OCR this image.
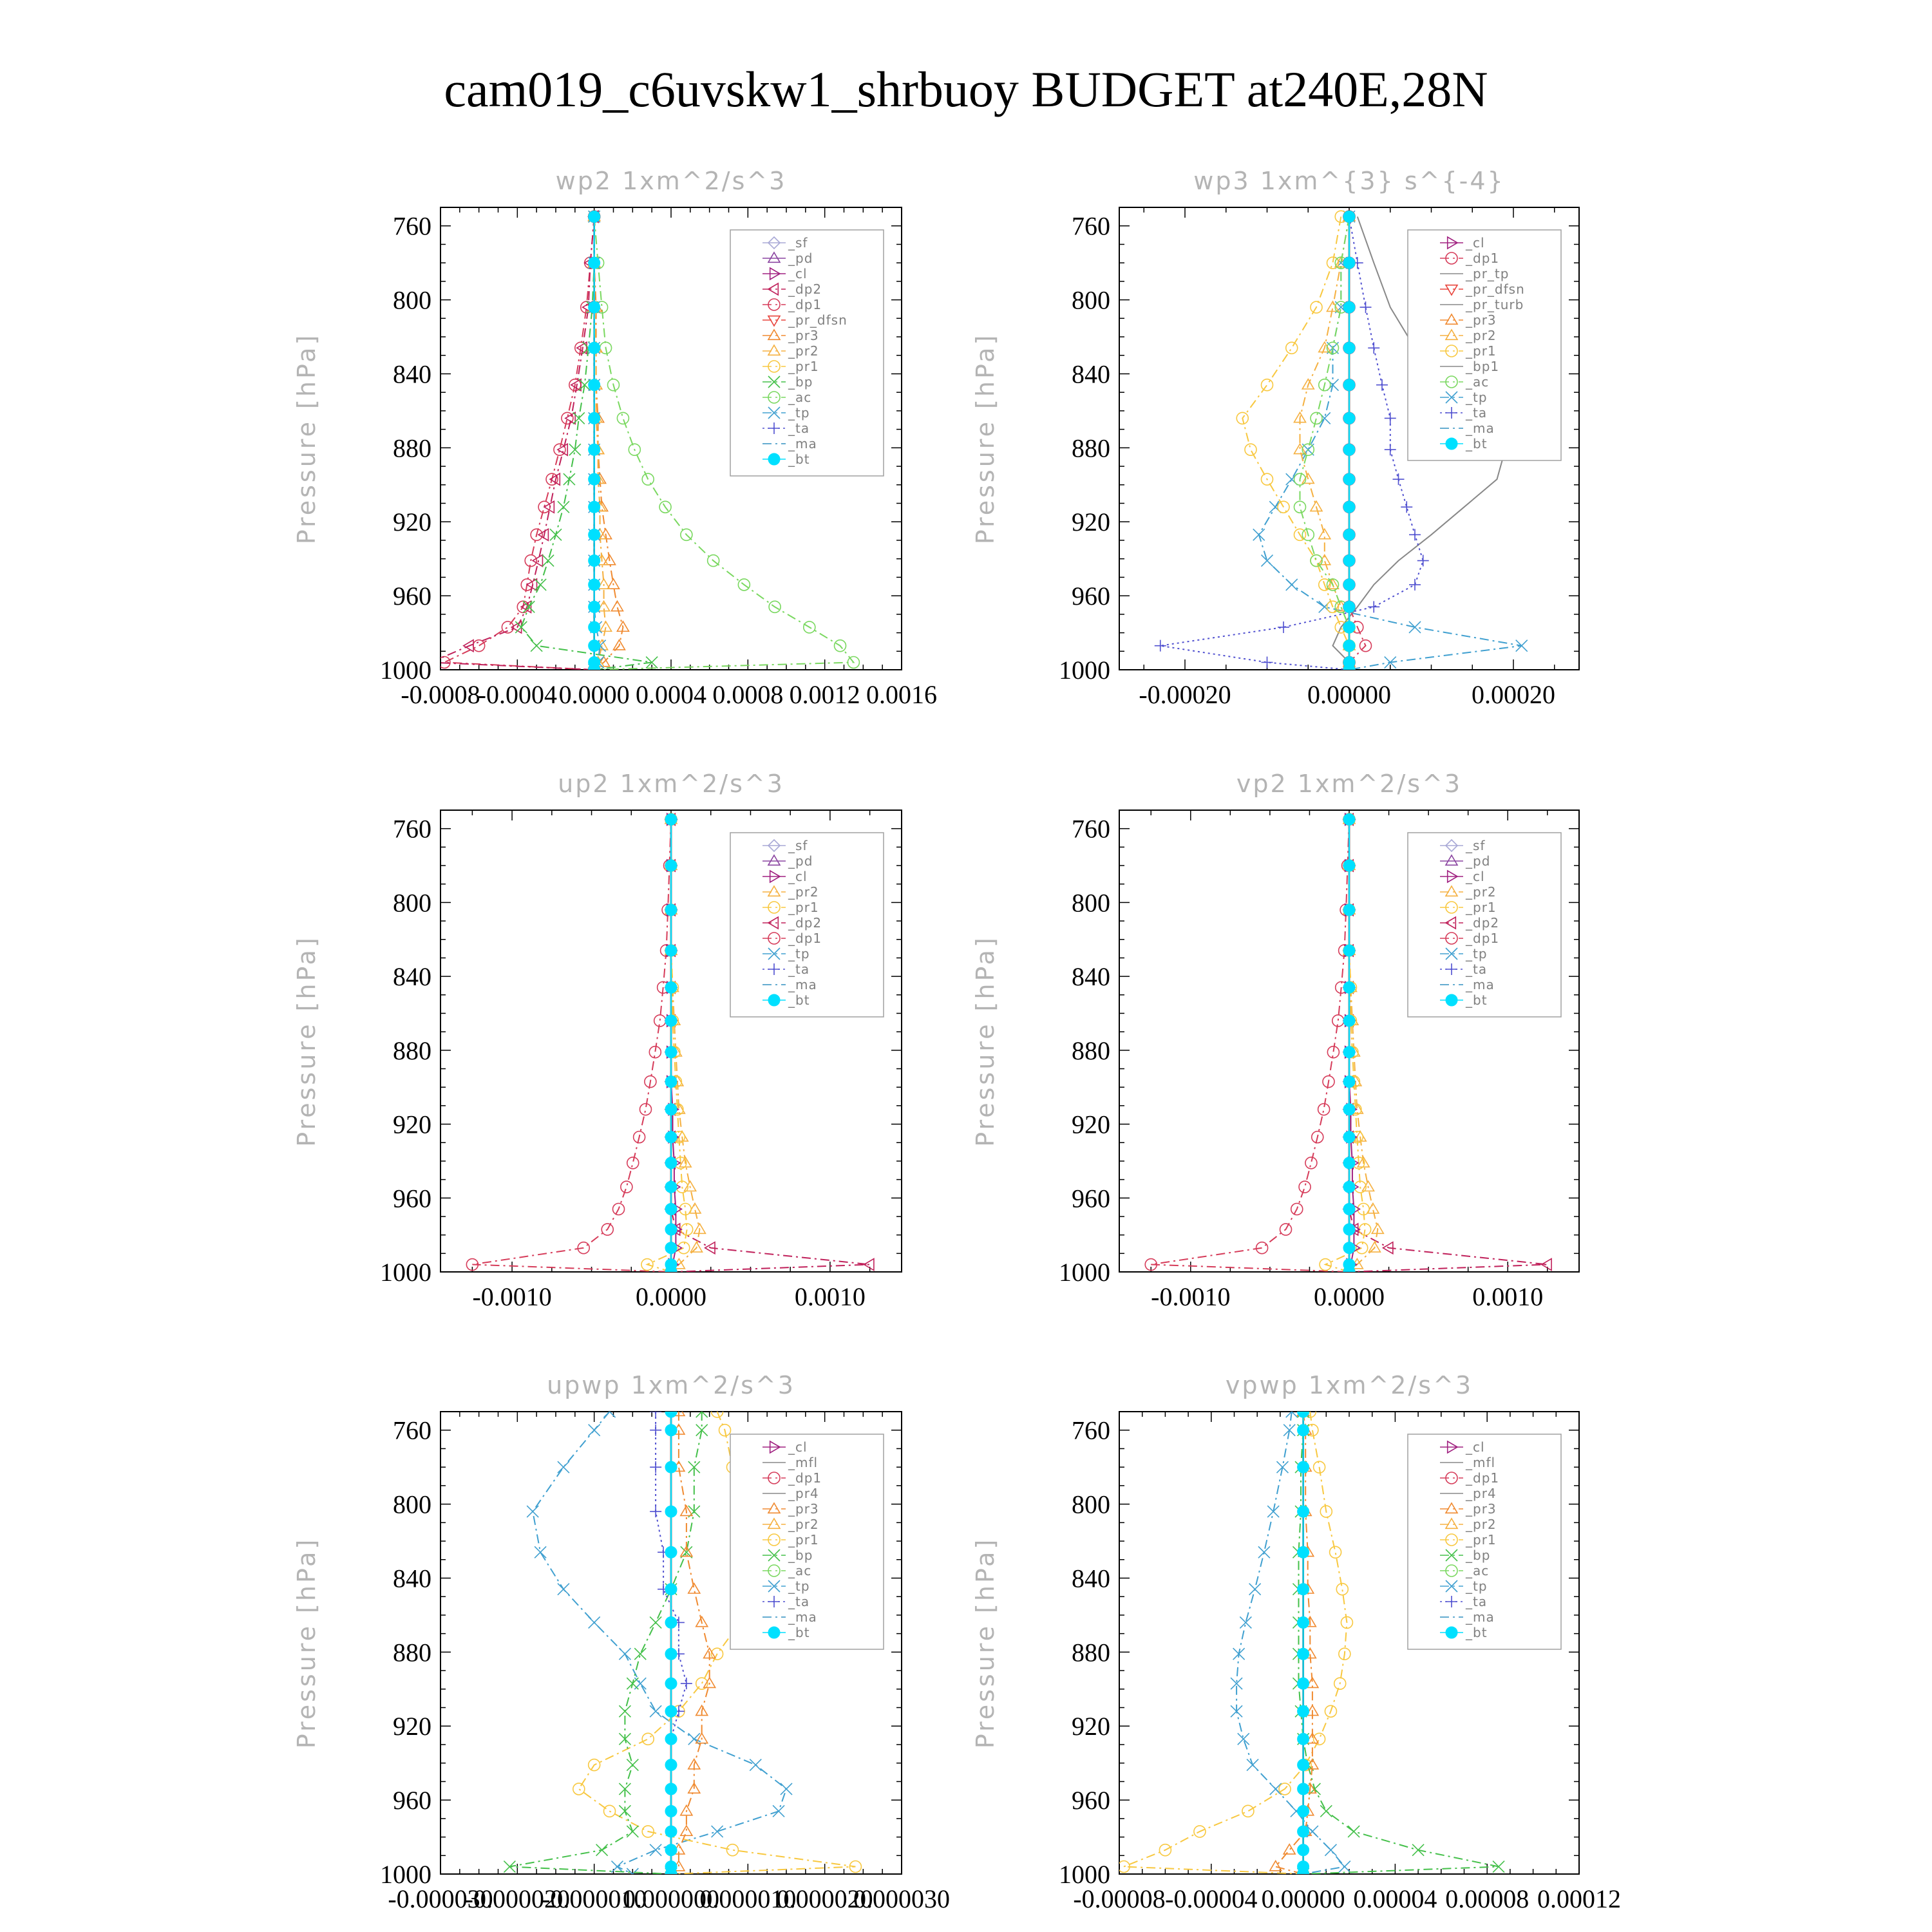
cam019_c6uvskw1_shrbuoy BUDGET at240E,28N
wp2 1xm^2/s^3
Pressure [hPa]
760
800
840
880
920
960
1000
-0.0008
-0.0004 0.0000 0.0004 0.0008 0.0012 0.0016
_sf
_pd
_cl
_dp2
_dp1
_pr_dfsn
_pr3
_pr2
_pr1
_bp
_ac
_tp
_ta
_ma
_bt
wp3 1xm^{3} s^{-4}
Pressure [hPa]
760
800
840
880
920
960
1000
-0.00020	0.00000	0.00020
_cl
_dp1
_pr_tp
_pr_dfsn
_pr_turb
_pr3
_pr2
_pr1
_bp1
_ac
_tp
_ta
_ma
_bt
up2 1xm^2/s^3
Pressure [hPa]
760
800
840
880
920
960
1000
-0.0010	0.0000	0.0010
_sf
_pd
_cl
_pr2
_pr1
_dp2
_dp1
_tp
_ta
_ma
_bt
vp2 1xm^2/s^3
Pressure [hPa]
760
800
840
880
920
960
1000
-0.0010	0.0000	0.0010
_sf
_pd
_cl
_pr2
_pr1
_dp2
_dp1
_tp
_ta
_ma
_bt
upwp 1xm^2/s^3
Pressure [hPa]
760
800
840
880
920
960
1000
-0.000030
-0.000020
-0.000010
0.000000
0.000010
0.000020
0.000030
_cl
_mfl
_dp1
_pr4
_pr3
_pr2
_pr1
_bp
_ac
_tp
_ta
_ma
_bt
vpwp 1xm^2/s^3
Pressure [hPa]
760
800
840
880
920
960
1000
-0.00008 -0.00004 0.00000 0.00004 0.00008 0.00012
_cl
_mfl
_dp1
_pr4
_pr3
_pr2
_pr1
_bp
_ac
_tp
_ta
_ma
_bt
